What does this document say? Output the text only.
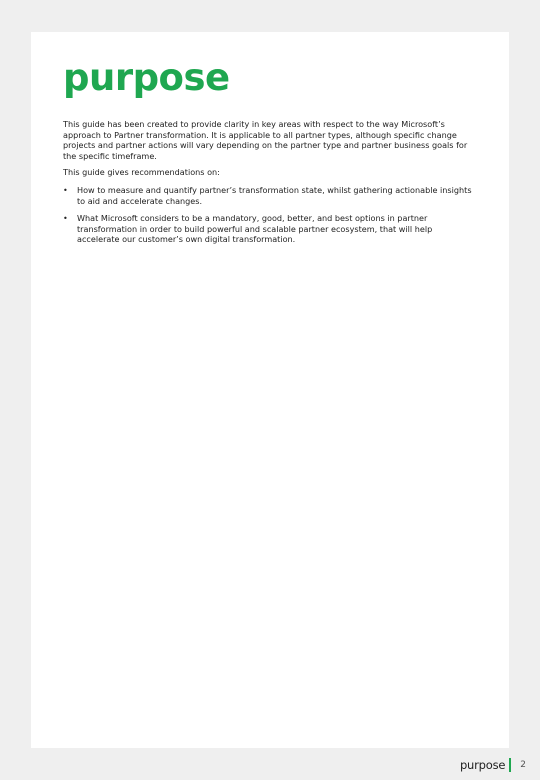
purpose

This guide has been created to provide clarity in key areas with respect to the way Microsoft’s approach to Partner transformation. It is applicable to all partner types, although specific change projects and partner actions will vary depending on the partner type and partner business goals for the specific timeframe.

This guide gives recommendations on:

• How to measure and quantify partner’s transformation state, whilst gathering actionable insights to aid and accelerate changes.
• What Microsoft considers to be a mandatory, good, better, and best options in partner transformation in order to build powerful and scalable partner ecosystem, that will help accelerate our customer’s own digital transformation.
purpose 2
